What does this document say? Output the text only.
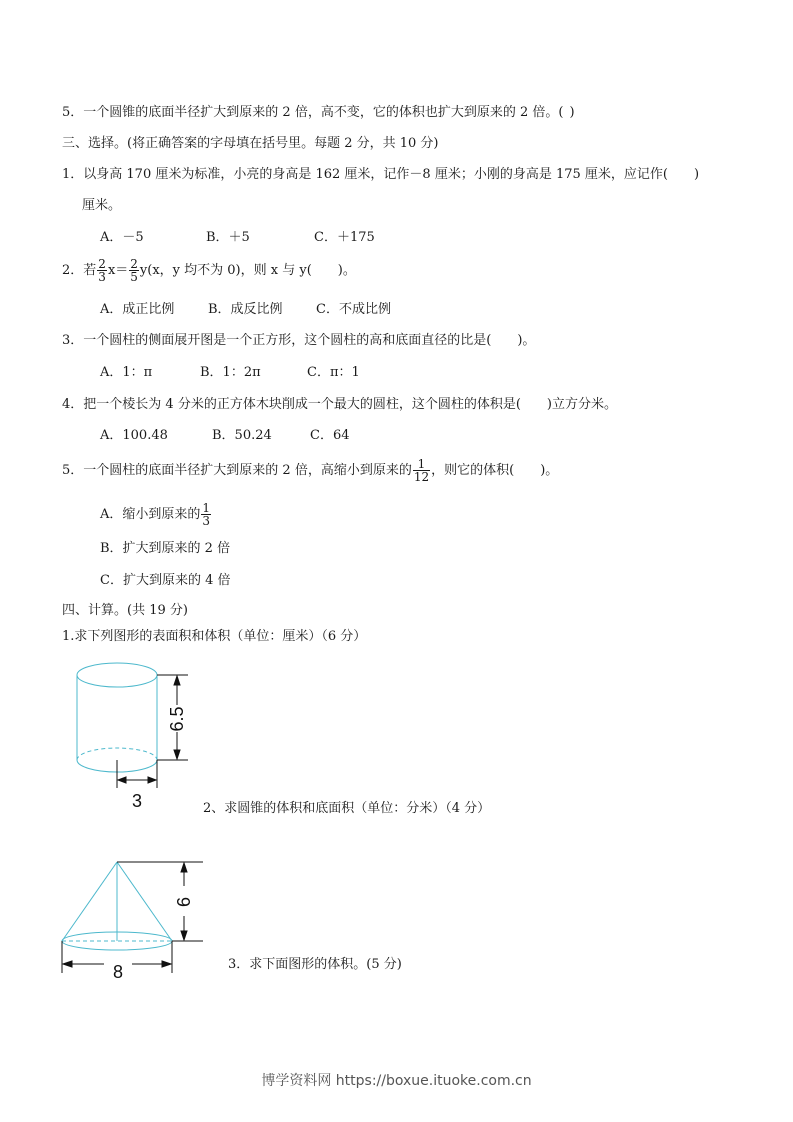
5．一个圆锥的底面半径扩大到原来的 2 倍，高不变，它的体积也扩大到原来的 2 倍。( )
三、选择。(将正确答案的字母填在括号里。每题 2 分，共 10 分)
1．以身高 170 厘米为标准，小亮的身高是 162 厘米，记作－8 厘米；小刚的身高是 175 厘米，应记作( )
厘米。
A．－5	B．＋5	C．＋175
2．若 $\frac{2}{3} x= \frac{2}{5} y(x$，y 均不为 0)，则 x 与 y( )。
A．成正比例	B．成反比例	C．不成比例
3．一个圆柱的侧面展开图是一个正方形，这个圆柱的高和底面直径的比是( )。
A．1：π	B．1：2π	C．π：1
4．把一个棱长为 4 分米的正方体木块削成一个最大的圆柱，这个圆柱的体积是( )立方分米。
A．100.48	B．50.24	C．64
5．一个圆柱的底面半径扩大到原来的 2 倍，高缩小到原来的 $\frac{1}{12}$ ，则它的体积( )。
A．缩小到原来的 $\frac{1}{3}$
B．扩大到原来的 2 倍
C．扩大到原来的 4 倍
四、计算。(共 19 分)
1.求下列图形的表面积和体积（单位：厘米）（6 分）
6.5
3	2、求圆锥的体积和底面积（单位：分米）（4 分）
6
8	3．求下面图形的体积。(5 分)
博学资料网 https://boxue.ituoke.com.cn
